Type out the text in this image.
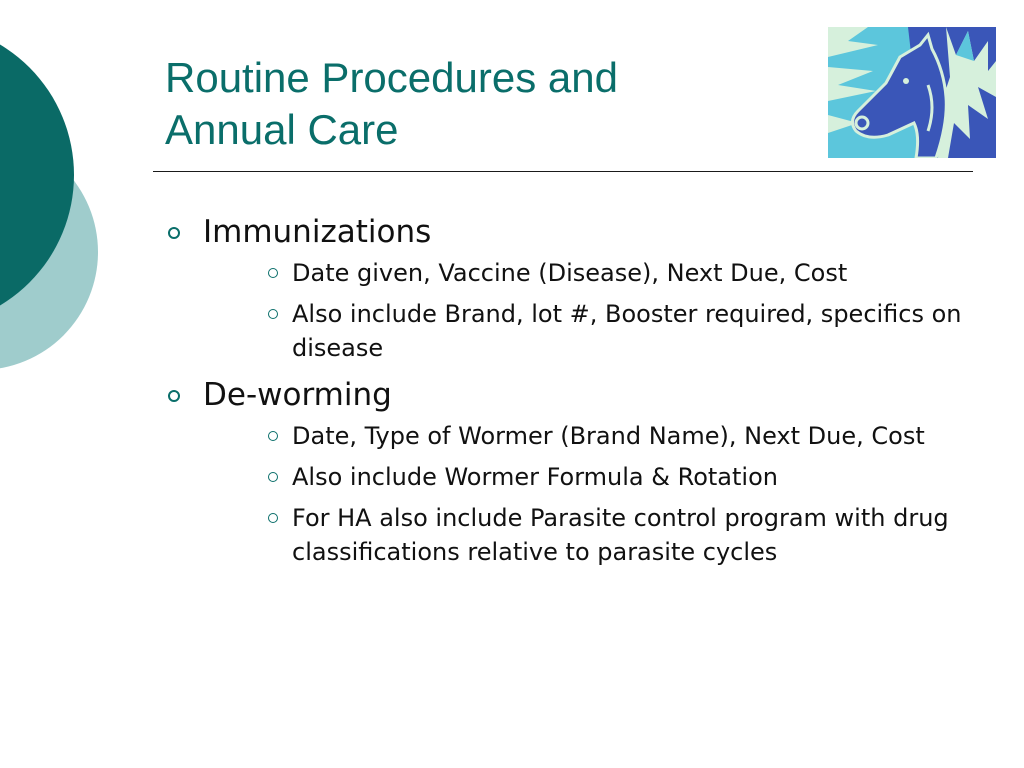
Routine Procedures and
Annual Care
Immunizations
Date given, Vaccine (Disease), Next Due, Cost
Also include Brand, lot #, Booster required, specifics on disease
De-worming
Date, Type of Wormer (Brand Name), Next Due, Cost
Also include Wormer Formula & Rotation
For HA also include Parasite control program with drug classifications relative to parasite cycles
